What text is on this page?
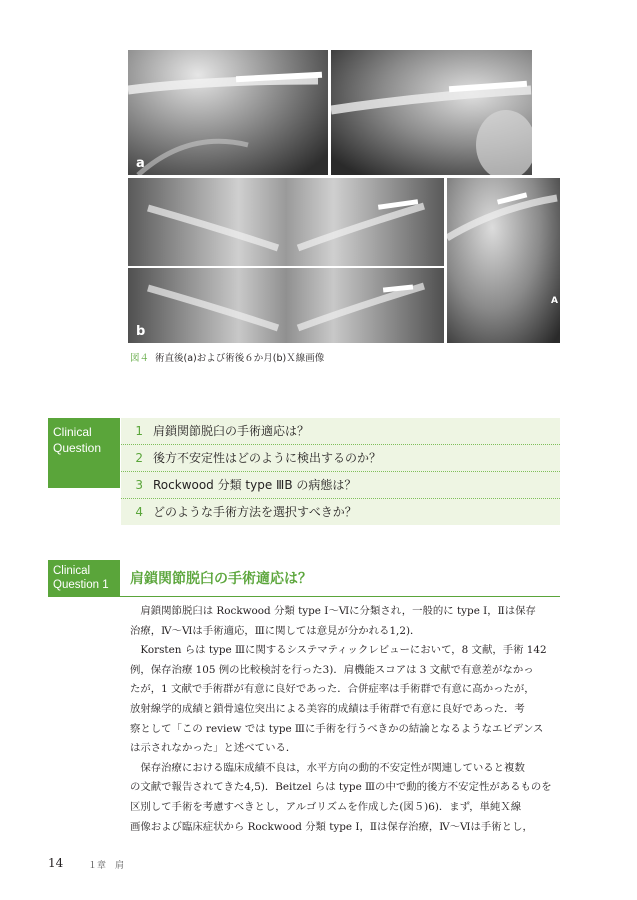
a
b
A
図４ 術直後(a)および術後６か月(b)Ｘ線画像
Clinical
Question
1 肩鎖関節脱臼の手術適応は？
2 後方不安定性はどのように検出するのか？
3 Rockwood 分類 type ⅢB の病態は？
4 どのような手術方法を選択すべきか？
Clinical
Question 1	肩鎖関節脱臼の手術適応は？

肩鎖関節脱臼は Rockwood 分類 type Ⅰ～Ⅵに分類され，一般的に type Ⅰ，Ⅱは保存

治療，Ⅳ～Ⅵは手術適応，Ⅲに関しては意見が分かれる1,2)．

Korsten らは type Ⅲに関するシステマティックレビューにおいて，8 文献，手術 142

例，保存治療 105 例の比較検討を行った3)．肩機能スコアは 3 文献で有意差がなかっ

たが，1 文献で手術群が有意に良好であった．合併症率は手術群で有意に高かったが，

放射線学的成績と鎖骨遠位突出による美容的成績は手術群で有意に良好であった．考

察として「この review では type Ⅲに手術を行うべきかの結論となるようなエビデンス

は示されなかった」と述べている．

保存治療における臨床成績不良は，水平方向の動的不安定性が関連していると複数

の文献で報告されてきた4,5)．Beitzel らは type Ⅲの中で動的後方不安定性があるものを

区別して手術を考慮すべきとし，アルゴリズムを作成した(図５)6)．まず，単純Ｘ線

画像および臨床症状から Rockwood 分類 type Ⅰ，Ⅱは保存治療，Ⅳ～Ⅵは手術とし，

14	１章　肩
